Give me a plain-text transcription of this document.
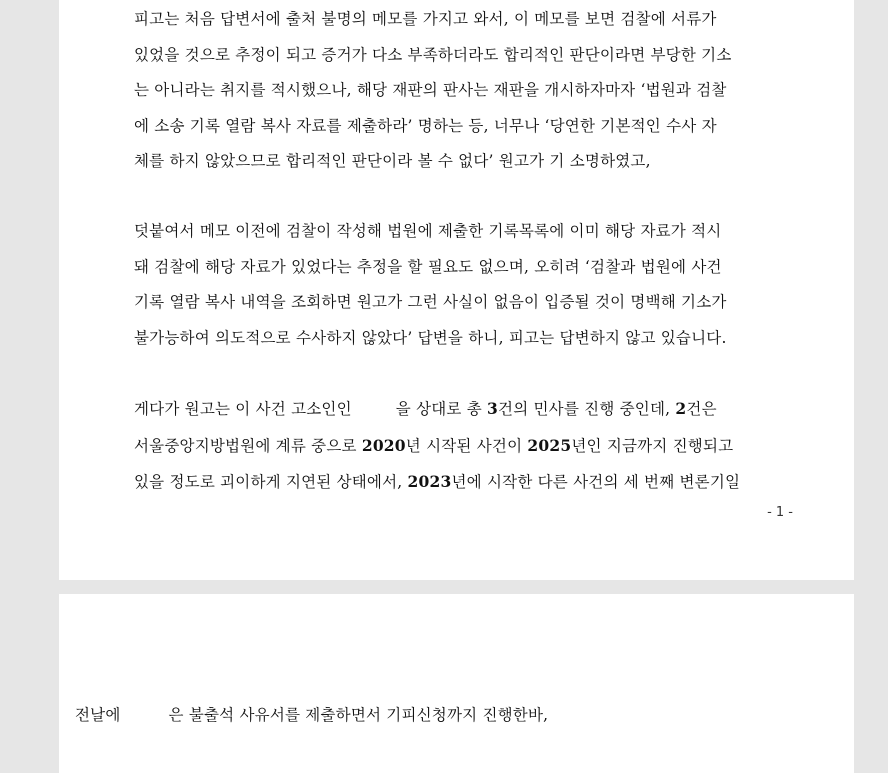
피고는 처음 답변서에 출처 불명의 메모를 가지고 와서, 이 메모를 보면 검찰에 서류가
있었을 것으로 추정이 되고 증거가 다소 부족하더라도 합리적인 판단이라면 부당한 기소
는 아니라는 취지를 적시했으나, 해당 재판의 판사는 재판을 개시하자마자 ‘법원과 검찰
에 소송 기록 열람 복사 자료를 제출하라’ 명하는 등, 너무나 ‘당연한 기본적인 수사 자
체를 하지 않았으므로 합리적인 판단이라 볼 수 없다’ 원고가 기 소명하였고,

덧붙여서 메모 이전에 검찰이 작성해 법원에 제출한 기록목록에 이미 해당 자료가 적시
돼 검찰에 해당 자료가 있었다는 추정을 할 필요도 없으며, 오히려 ‘검찰과 법원에 사건
기록 열람 복사 내역을 조회하면 원고가 그런 사실이 없음이 입증될 것이 명백해 기소가
불가능하여 의도적으로 수사하지 않았다’ 답변을 하니, 피고는 답변하지 않고 있습니다.

게다가 원고는 이 사건 고소인인	을 상대로 총 3건의 민사를 진행 중인데, 2건은
서울중앙지방법원에 계류 중으로 2020년 시작된 사건이 2025년인 지금까지 진행되고
있을 정도로 괴이하게 지연된 상태에서, 2023년에 시작한 다른 사건의 세 번째 변론기일

- 1 -

전날에	은 불출석 사유서를 제출하면서 기피신청까지 진행한바,
